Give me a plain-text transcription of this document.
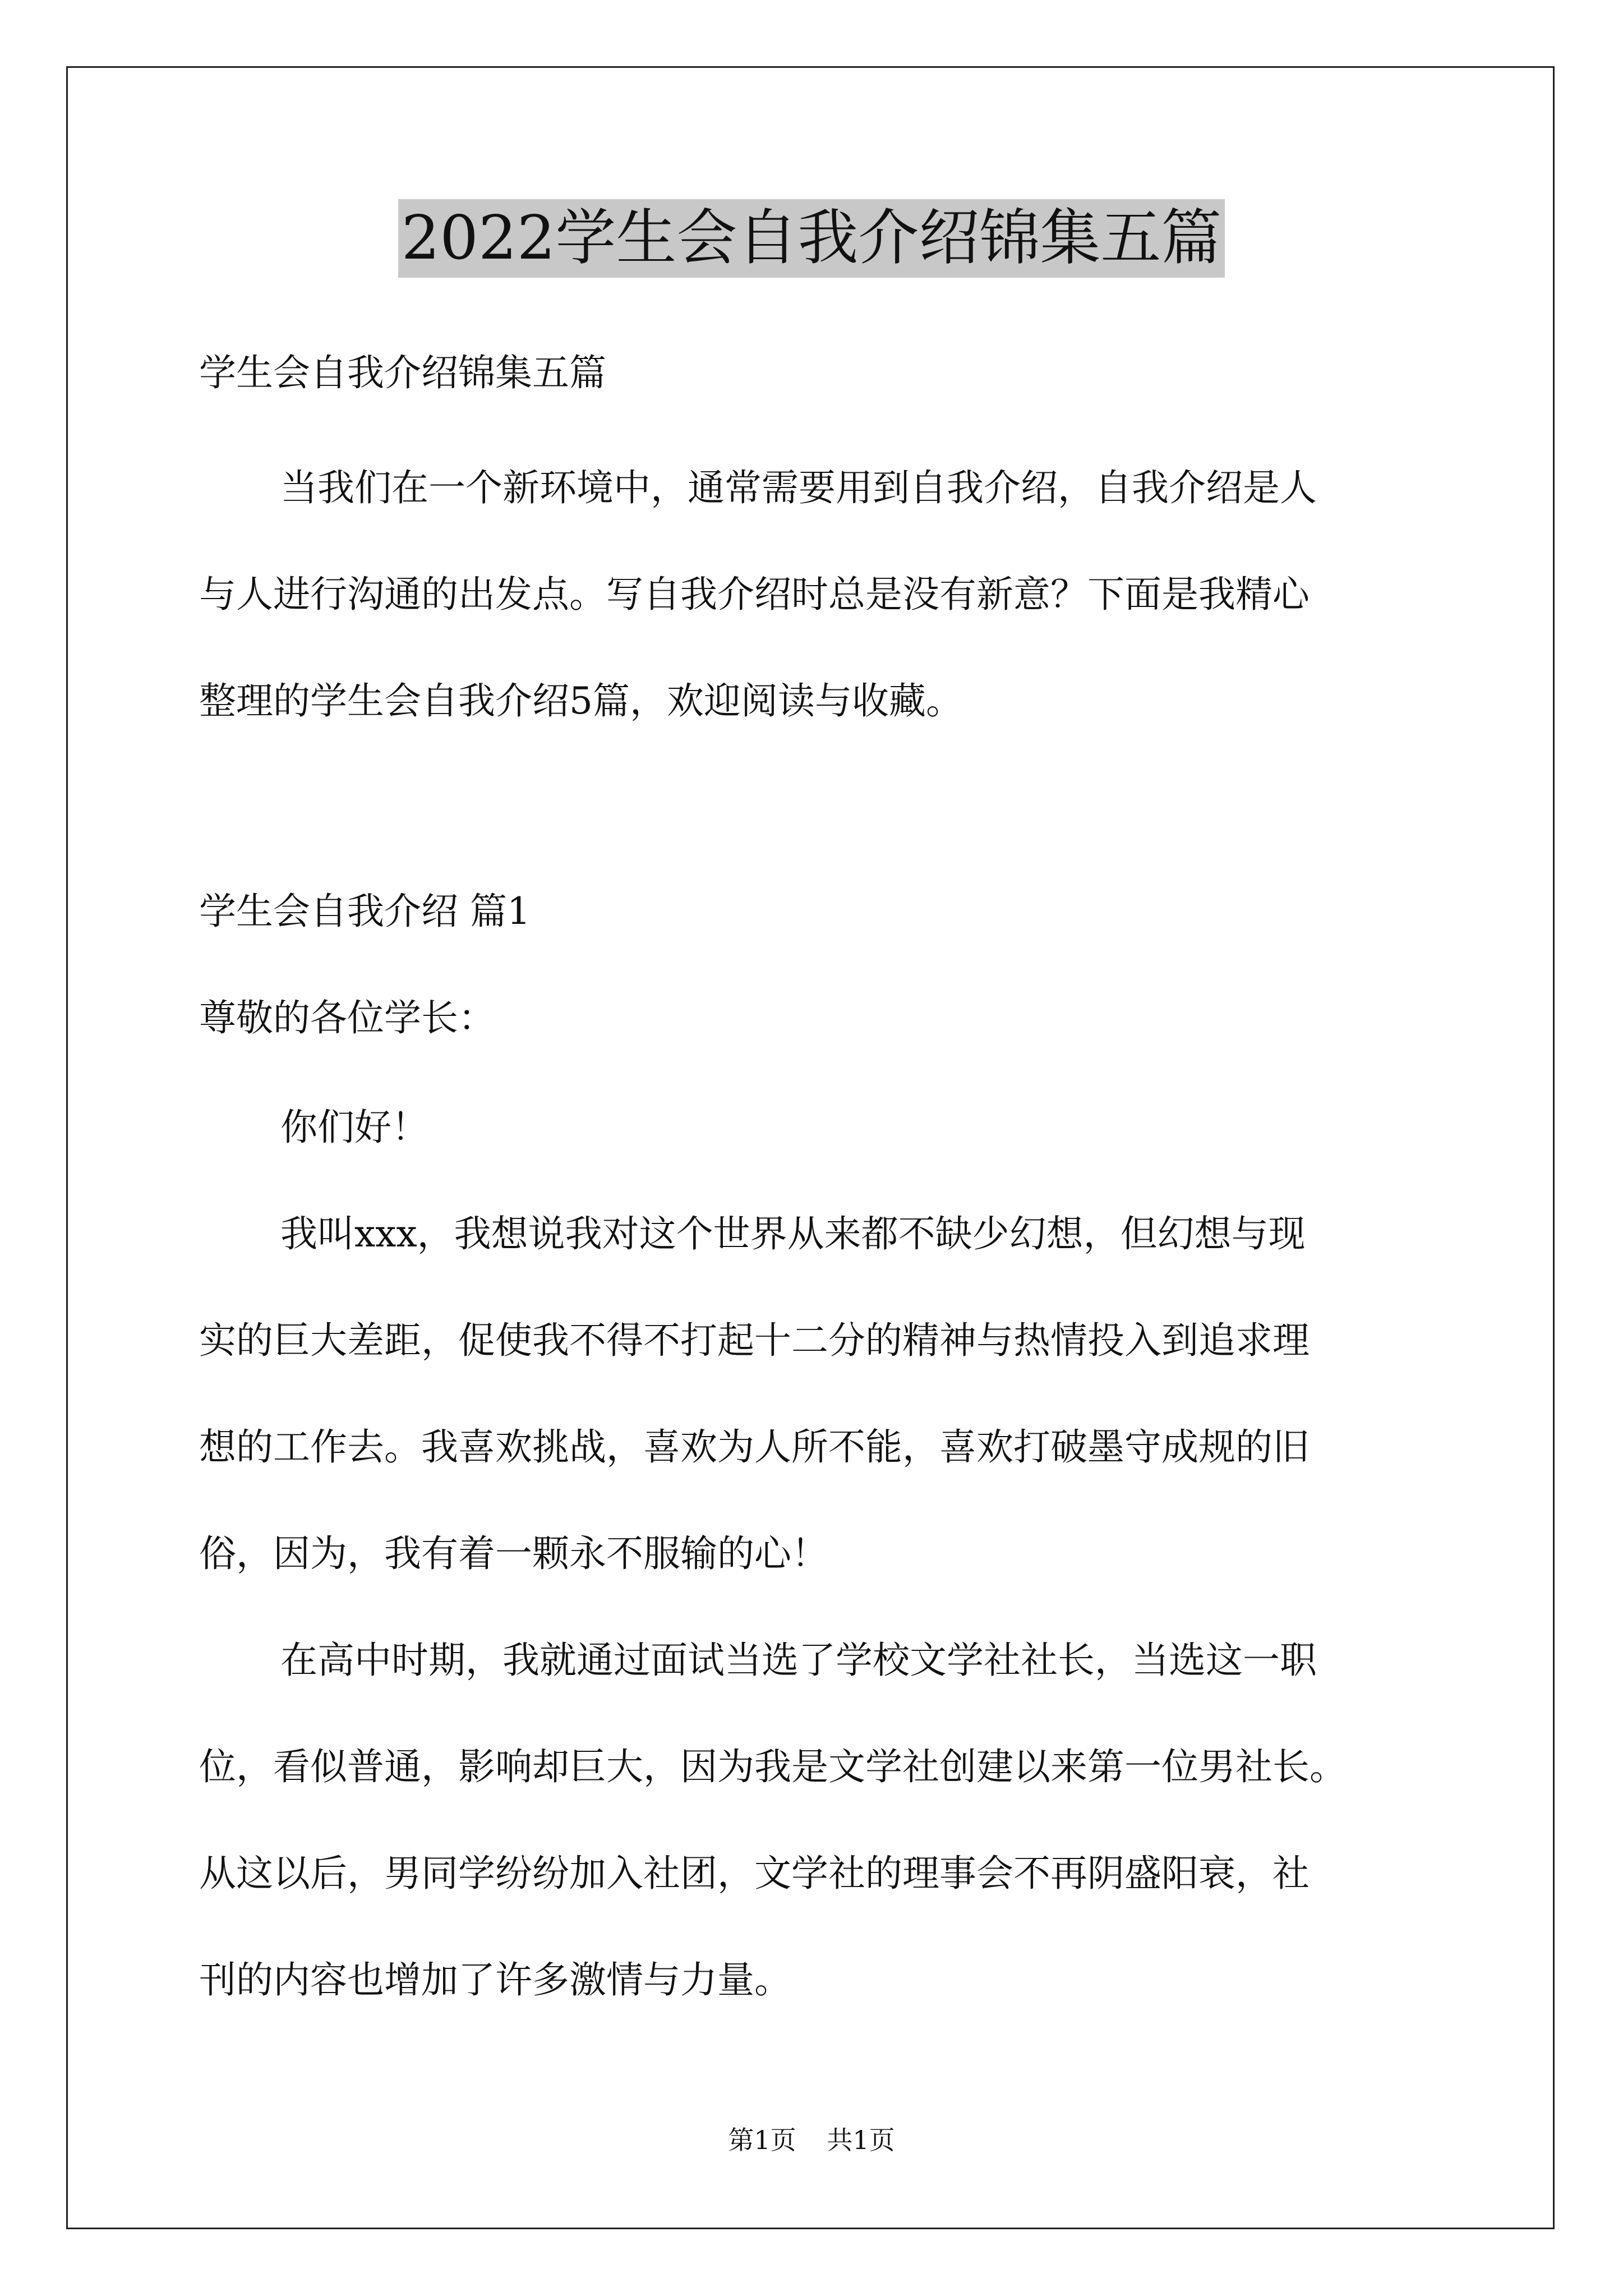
2022学生会自我介绍锦集五篇
学生会自我介绍锦集五篇
当我们在一个新环境中，通常需要用到自我介绍，自我介绍是人
与人进行沟通的出发点。写自我介绍时总是没有新意？下面是我精心
整理的学生会自我介绍5篇，欢迎阅读与收藏。
学生会自我介绍 篇1
尊敬的各位学长：
你们好！
我叫xxx，我想说我对这个世界从来都不缺少幻想，但幻想与现
实的巨大差距，促使我不得不打起十二分的精神与热情投入到追求理
想的工作去。我喜欢挑战，喜欢为人所不能，喜欢打破墨守成规的旧
俗，因为，我有着一颗永不服输的心！
在高中时期，我就通过面试当选了学校文学社社长，当选这一职
位，看似普通，影响却巨大，因为我是文学社创建以来第一位男社长。
从这以后，男同学纷纷加入社团，文学社的理事会不再阴盛阳衰，社
刊的内容也增加了许多激情与力量。
第1页 共1页
